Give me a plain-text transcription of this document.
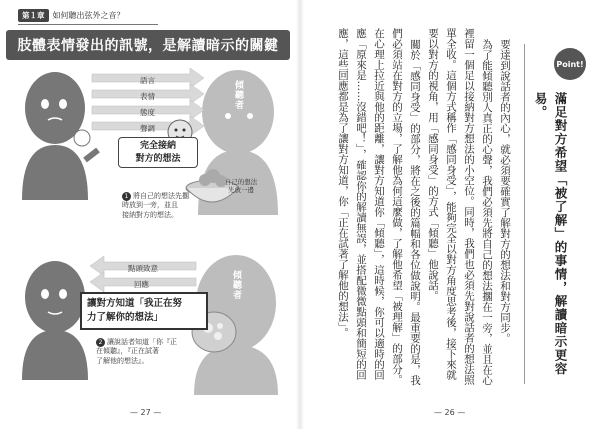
第１章	如何聽出弦外之音？
肢體表情發出的訊號，是解讀暗示的關鍵
語言
表情
態度
聲調
傾聽者
傾聽者
完全接納
對方的想法
自己的想法
先放一邊
1 將自己的想法先擱
時放到一旁，並且
接納對方的想法。
點頭致意
回應
讓對方知道「我正在努
力了解你的想法」
2 讓說話者知道「你『正
在傾聽』，『正在試著
了解他的想法』。
— 27 —

要達到說話者的內心，就必須要確實了解對方的想法和對方同步。

為了能傾聽別人真正的心聲，我們必須先將自己的想法擱在一旁，並且在心裡留一個足以接納對方想法的小空位。同時，我們也必須先對說話者的想法照單全收。這個方式稱作「感同身受」，能夠完全以對方角度思考後，接下來就要以對方的視角，用「感同身受」的方式「傾聽」他說話。

關於「感同身受」的部分，將在之後的篇幅和各位做說明。最重要的是，我們必須站在對方的立場，了解他為何這麼做，了解他希望「被理解」的部分。在心理上拉近與他的距離，讓對方知道你「傾聽」，這時候，你可以適時的回應「原來是……沒錯吧！」，確認你的解讀無誤，並搭配微微點頭和簡短的回應，這些回應都是為了讓對方知道，你「正在試著了解他的想法」。	Point!
滿足對方希望「被了解」的事情，解讀暗示更容易。
— 26 —
